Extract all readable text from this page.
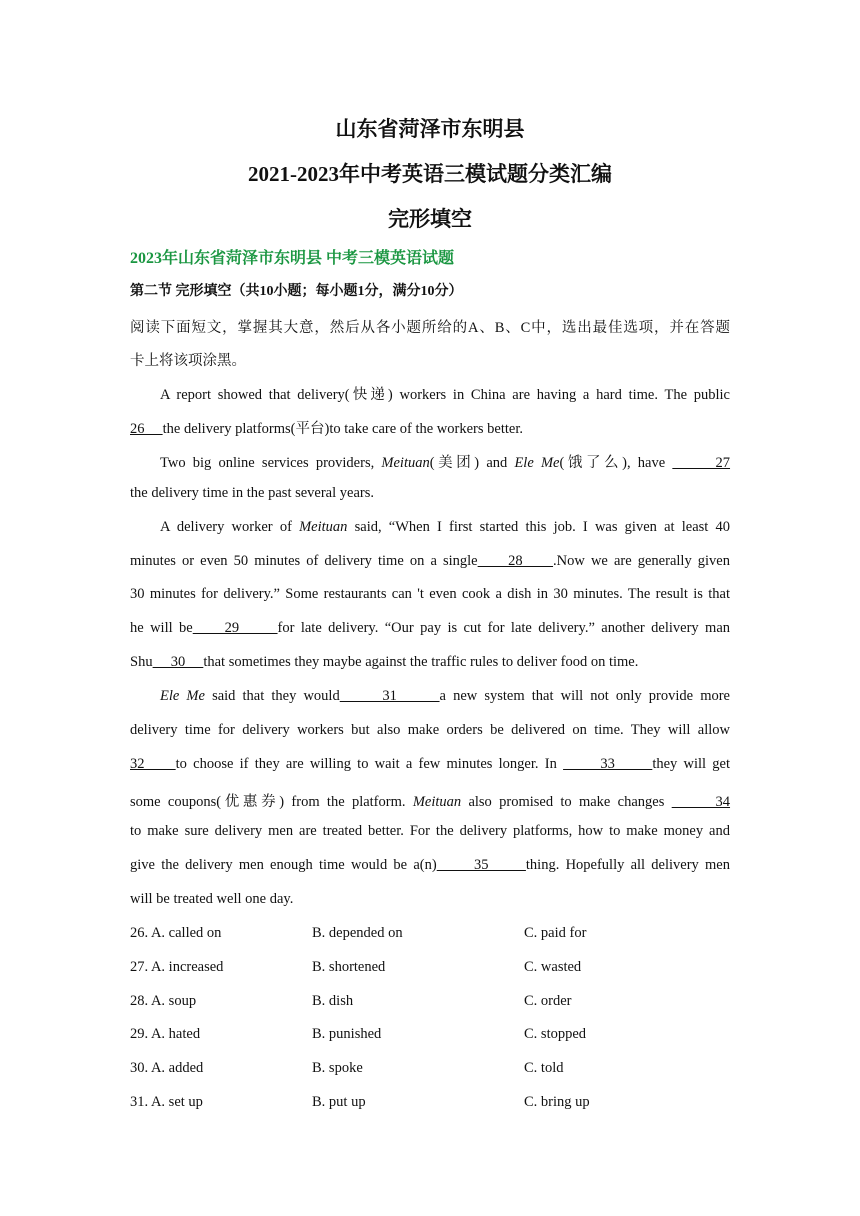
山东省菏泽市东明县
2021-2023年中考英语三模试题分类汇编
完形填空
2023年山东省菏泽市东明县 中考三模英语试题
第二节 完形填空（共10小题；每小题1分，满分10分）
阅读下面短文，掌握其大意，然后从各小题所给的A、B、C中，选出最佳选项，并在答题
卡上将该项涂黑。
A report showed that delivery(快递) workers in China are having a hard time. The public
26     the delivery platforms(平台)to take care of the workers better.
Two big online services providers, Meituan(美团) and Ele Me(饿了么), have       27
the delivery time in the past several years.
A delivery worker of Meituan said, “When I first started this job. I was given at least 40
minutes or even 50 minutes of delivery time on a single     28     .Now we are generally given
30 minutes for delivery.” Some restaurants can 't even cook a dish in 30 minutes. The result is that
he will be     29      for late delivery. “Our pay is cut for late delivery.” another delivery man
Shu     30     that sometimes they maybe against the traffic rules to deliver food on time.
Ele Me said that they would      31      a new system that will not only provide more
delivery time for delivery workers but also make orders be delivered on time. They will allow
32     to choose if they are willing to wait a few minutes longer. In       33      they will get
some coupons(优惠券) from the platform. Meituan also promised to make changes       34
to make sure delivery men are treated better. For the delivery platforms, how to make money and
give the delivery men enough time would be a(n)      35      thing. Hopefully all delivery men
will be treated well one day.
26. A. called on	B. depended on	C. paid for
27. A. increased	B. shortened	C. wasted
28. A. soup	B. dish	C. order
29. A. hated	B. punished	C. stopped
30. A. added	B. spoke	C. told
31. A. set up	B. put up	C. bring up
